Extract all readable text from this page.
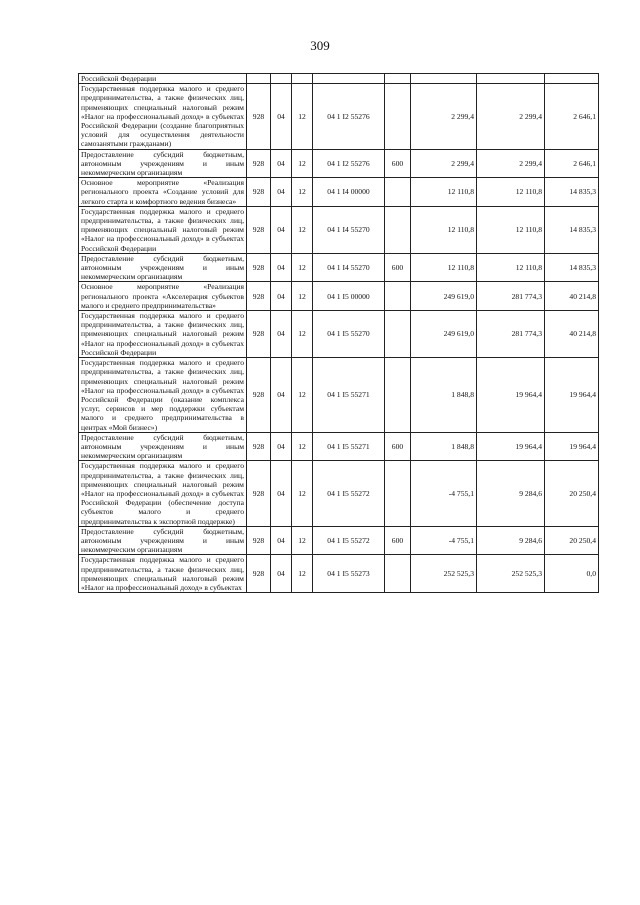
309
Российской Федерации								
Государственная поддержка малого и среднего предпринимательства, а также физических лиц, применяющих специальный налоговый режим «Налог на профессиональный доход» в субъектах Российской Федерации (создание благоприятных условий для осуществления деятельности самозанятыми гражданами)	928	04	12	04 1 I2 55276		2 299,4	2 299,4	2 646,1
Предоставление субсидий бюджетным, автономным учреждениям и иным некоммерческим организациям	928	04	12	04 1 I2 55276	600	2 299,4	2 299,4	2 646,1
Основное мероприятие «Реализация регионального проекта «Создание условий для легкого старта и комфортного ведения бизнеса»	928	04	12	04 1 I4 00000		12 110,8	12 110,8	14 835,3
Государственная поддержка малого и среднего предпринимательства, а также физических лиц, применяющих специальный налоговый режим «Налог на профессиональный доход» в субъектах Российской Федерации	928	04	12	04 1 I4 55270		12 110,8	12 110,8	14 835,3
Предоставление субсидий бюджетным, автономным учреждениям и иным некоммерческим организациям	928	04	12	04 1 I4 55270	600	12 110,8	12 110,8	14 835,3
Основное мероприятие «Реализация регионального проекта «Акселерация субъектов малого и среднего предпринимательства»	928	04	12	04 1 I5 00000		249 619,0	281 774,3	40 214,8
Государственная поддержка малого и среднего предпринимательства, а также физических лиц, применяющих специальный налоговый режим «Налог на профессиональный доход» в субъектах Российской Федерации	928	04	12	04 1 I5 55270		249 619,0	281 774,3	40 214,8
Государственная поддержка малого и среднего предпринимательства, а также физических лиц, применяющих специальный налоговый режим «Налог на профессиональный доход» в субъектах Российской Федерации (оказание комплекса услуг, сервисов и мер поддержки субъектам малого и среднего предпринимательства в центрах «Мой бизнес»)	928	04	12	04 1 I5 55271		1 848,8	19 964,4	19 964,4
Предоставление субсидий бюджетным, автономным учреждениям и иным некоммерческим организациям	928	04	12	04 1 I5 55271	600	1 848,8	19 964,4	19 964,4
Государственная поддержка малого и среднего предпринимательства, а также физических лиц, применяющих специальный налоговый режим «Налог на профессиональный доход» в субъектах Российской Федерации (обеспечение доступа субъектов малого и среднего предпринимательства к экспортной поддержке)	928	04	12	04 1 I5 55272		-4 755,1	9 284,6	20 250,4
Предоставление субсидий бюджетным, автономным учреждениям и иным некоммерческим организациям	928	04	12	04 1 I5 55272	600	-4 755,1	9 284,6	20 250,4
Государственная поддержка малого и среднего предпринимательства, а также физических лиц, применяющих специальный налоговый режим «Налог на профессиональный доход» в субъектах	928	04	12	04 1 I5 55273		252 525,3	252 525,3	0,0
